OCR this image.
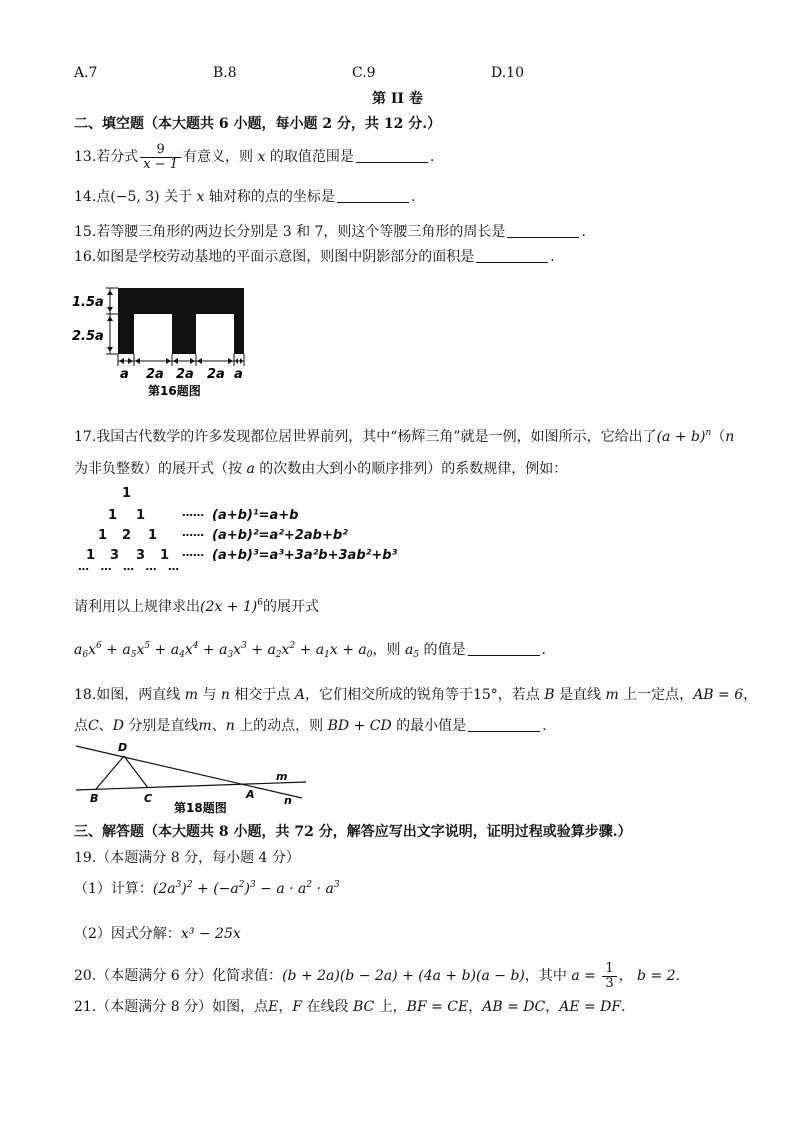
A.7	B.8	C.9	D.10
第 II 卷
二、填空题（本大题共 6 小题，每小题 2 分，共 12 分.）
13.若分式 $\frac{9}{x - 1}$ 有意义，则 x 的取值范围是	.
14.点(−5, 3) 关于 x 轴对称的点的坐标是	.
15.若等腰三角形的两边长分别是 3 和 7，则这个等腰三角形的周长是	.
16.如图是学校劳动基地的平面示意图，则图中阴影部分的面积是	.
1.5a
2.5a
a 2a 2a 2a a
第16题图
17.我国古代数学的许多发现都位居世界前列，其中“杨辉三角”就是一例，如图所示，它给出了$(a + b)^n(n$
为非负整数）的展开式（按 a 的次数由大到小的顺序排列）的系数规律，例如：
1
1 1
1 2 1
1 3 3 1
…   …   …   …   …
……
……
……
(a+b)¹=a+b
(a+b)²=a²+2ab+b²
(a+b)³=a³+3a²b+3ab²+b³
请利用以上规律求出$(2x + 1)^6$的展开式
$a_6x^6 + a_5x^5 + a_4x^4 + a_3x^3 + a_2x^2 + a_1x + a_0$，则 $a_5$ 的值是	.
18.如图，两直线 m 与 n 相交于点 A，它们相交所成的锐角等于15°，若点 B 是直线 m 上一定点，AB = 6，
点C、D 分别是直线m、n 上的动点，则 BD + CD 的最小值是	.
D
B	C	A
m
n
第18题图
三、解答题（本大题共 8 小题，共 72 分，解答应写出文字说明，证明过程或验算步骤.）
19.（本题满分 8 分，每小题 4 分）
（1）计算：$(2a^3)^2 + (-a^2)^3 - a \cdot a^2 \cdot a^3$
（2）因式分解：x³ − 25x
20.（本题满分 6 分）化简求值：(b + 2a)(b − 2a) + (4a + b)(a − b)，其中 $a = \frac{1}{3}$ ， b = 2.
21.（本题满分 8 分）如图，点E，F 在线段 BC 上，BF = CE，AB = DC，AE = DF.
